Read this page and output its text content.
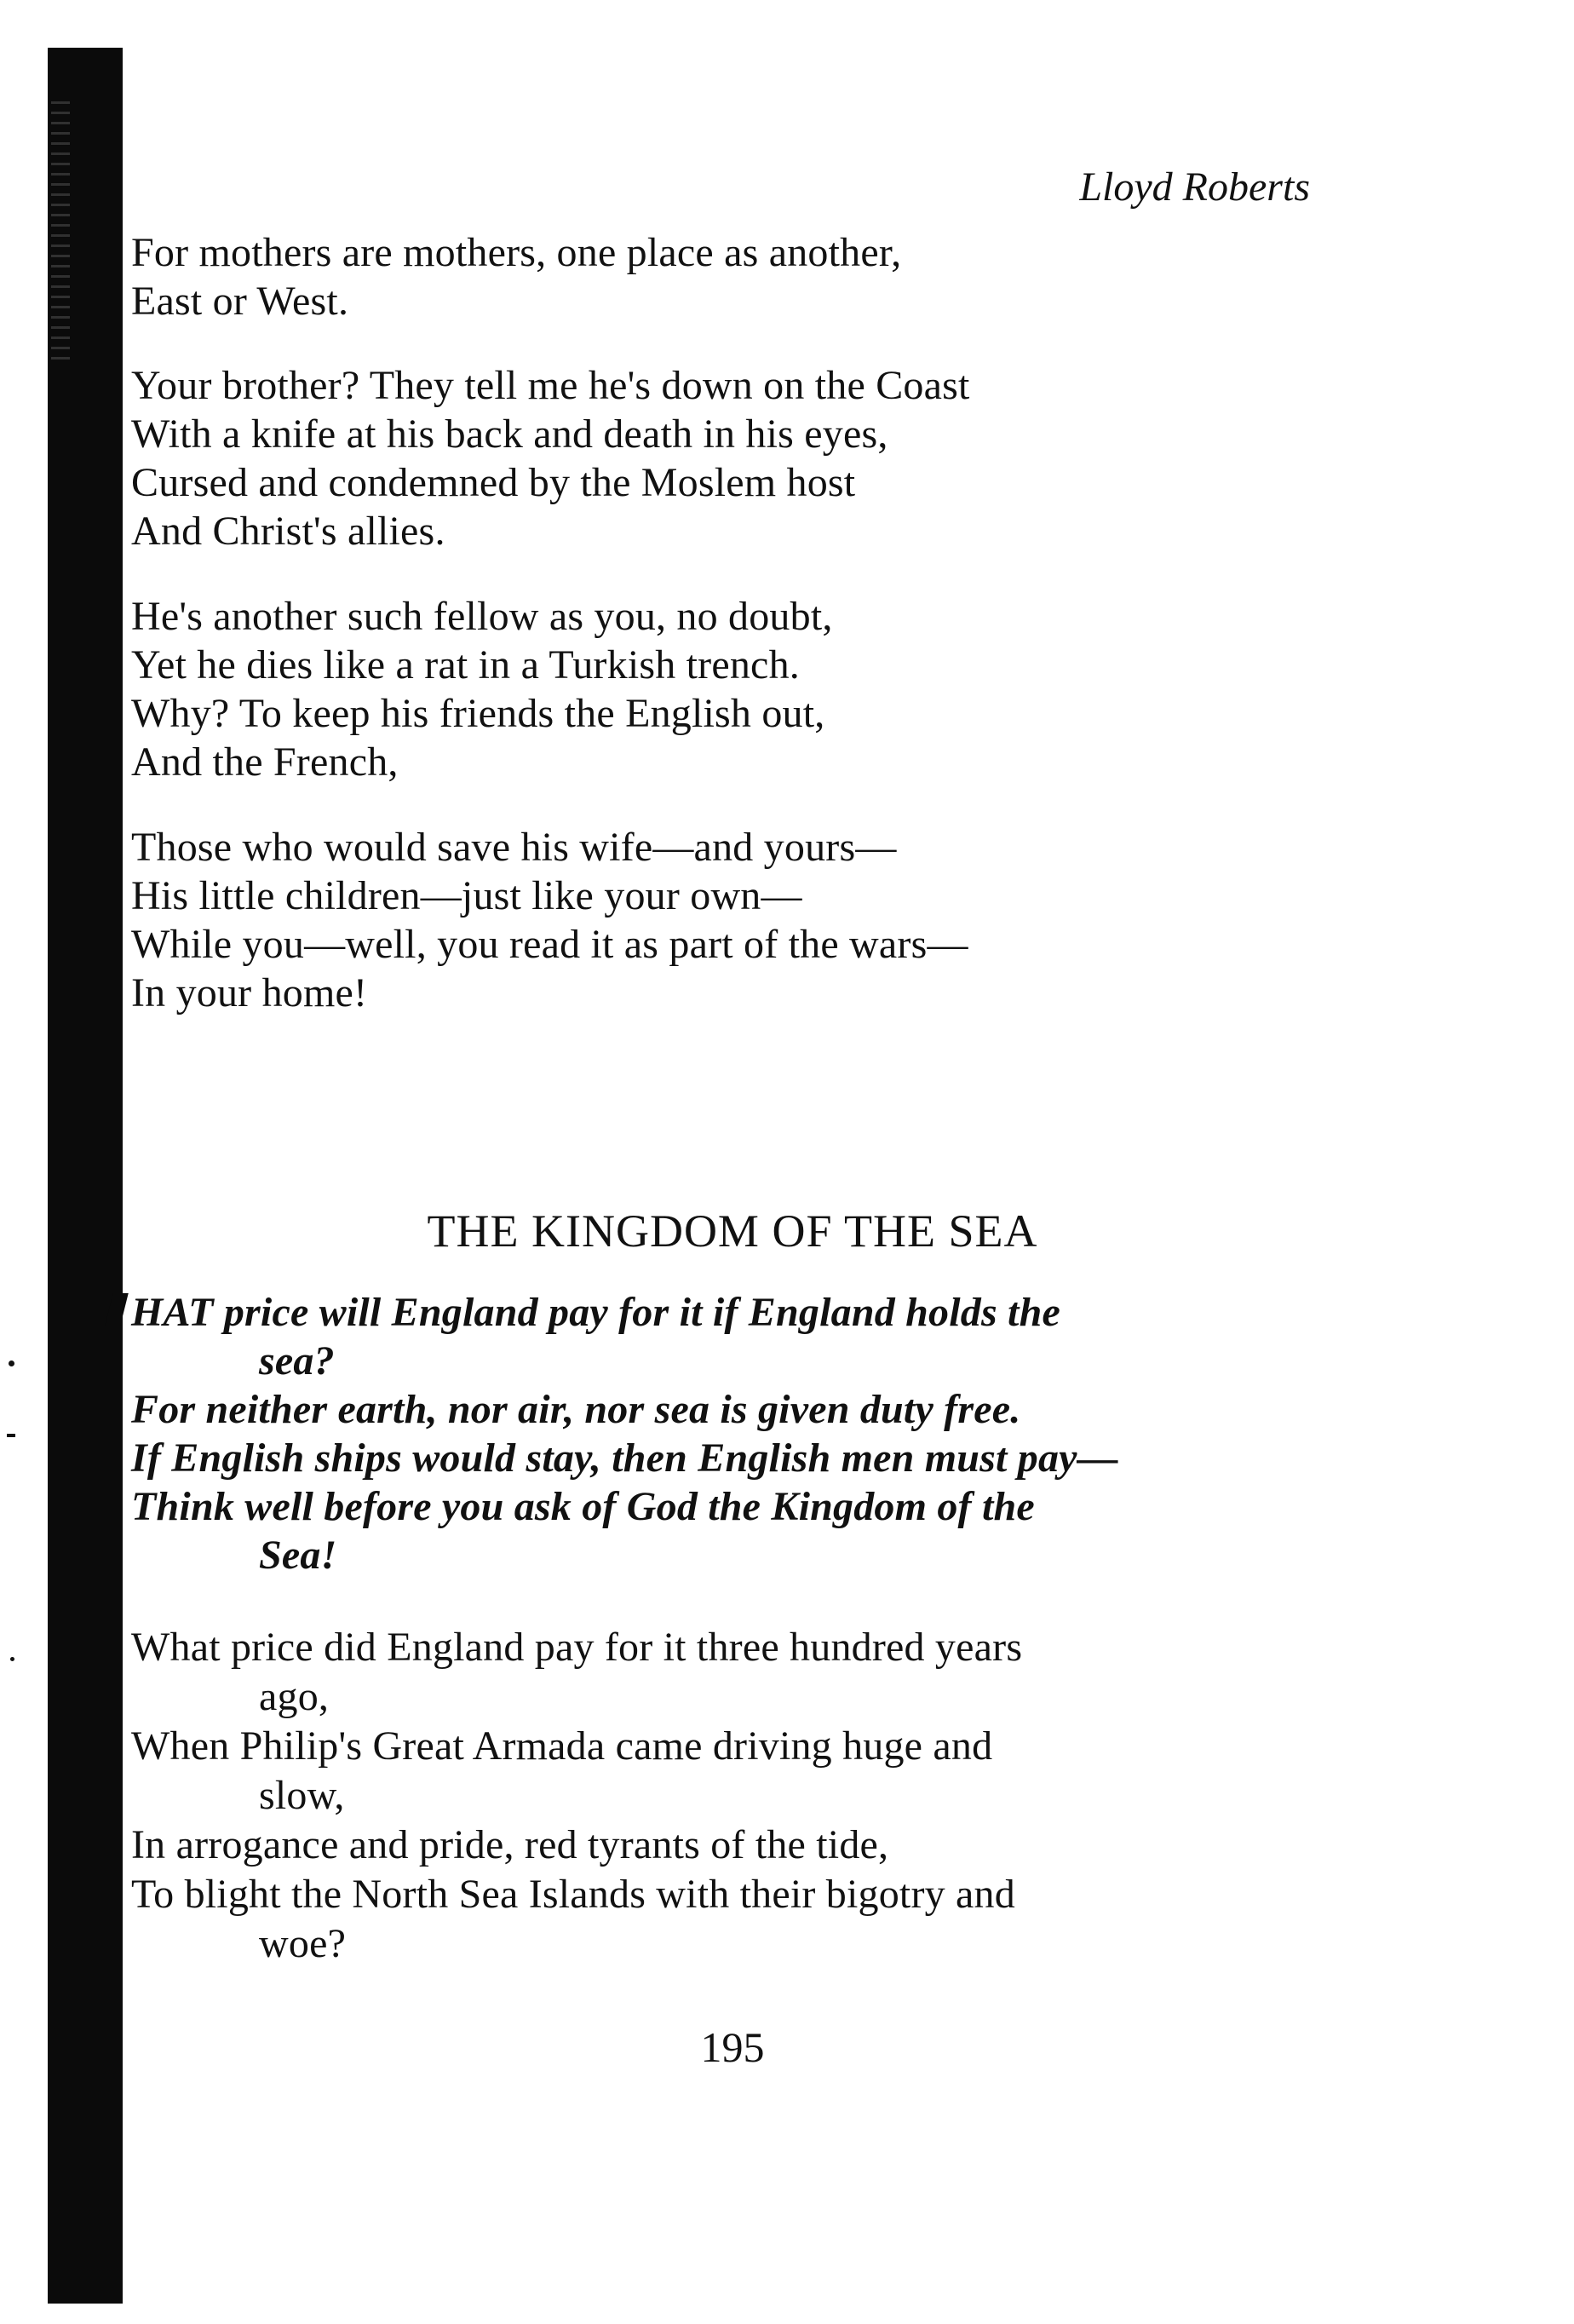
Lloyd Roberts

For mothers are mothers, one place as another,
East or West.
Your brother? They tell me he's down on the Coast
With a knife at his back and death in his eyes,
Cursed and condemned by the Moslem host
And Christ's allies.
He's another such fellow as you, no doubt,
Yet he dies like a rat in a Turkish trench.
Why? To keep his friends the English out,
And the French,
Those who would save his wife—and yours—
His little children—just like your own—
While you—well, you read it as part of the wars—
In your home!
THE KINGDOM OF THE SEA
HAT price will England pay for it if England holds the
sea?
For neither earth, nor air, nor sea is given duty free.
If English ships would stay, then English men must pay—
Think well before you ask of God the Kingdom of the
Sea!
What price did England pay for it three hundred years
ago,
When Philip's Great Armada came driving huge and
slow,
In arrogance and pride, red tyrants of the tide,
To blight the North Sea Islands with their bigotry and
woe?

195
